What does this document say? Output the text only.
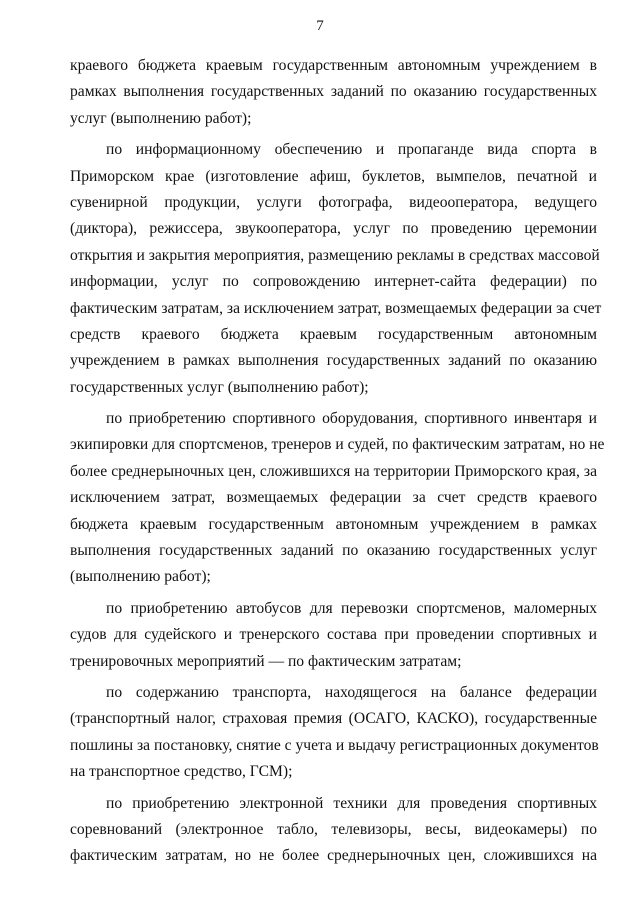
7
краевого бюджета краевым государственным автономным учреждением в
рамках выполнения государственных заданий по оказанию государственных
услуг (выполнению работ);
по информационному обеспечению и пропаганде вида спорта в
Приморском крае (изготовление афиш, буклетов, вымпелов, печатной и
сувенирной продукции, услуги фотографа, видеооператора, ведущего
(диктора), режиссера, звукооператора, услуг по проведению церемонии
открытия и закрытия мероприятия, размещению рекламы в средствах массовой
информации, услуг по сопровождению интернет-сайта федерации) по
фактическим затратам, за исключением затрат, возмещаемых федерации за счет
средств краевого бюджета краевым государственным автономным
учреждением в рамках выполнения государственных заданий по оказанию
государственных услуг (выполнению работ);
по приобретению спортивного оборудования, спортивного инвентаря и
экипировки для спортсменов, тренеров и судей, по фактическим затратам, но не
более среднерыночных цен, сложившихся на территории Приморского края, за
исключением затрат, возмещаемых федерации за счет средств краевого
бюджета краевым государственным автономным учреждением в рамках
выполнения государственных заданий по оказанию государственных услуг
(выполнению работ);
по приобретению автобусов для перевозки спортсменов, маломерных
судов для судейского и тренерского состава при проведении спортивных и
тренировочных мероприятий — по фактическим затратам;
по содержанию транспорта, находящегося на балансе федерации
(транспортный налог, страховая премия (ОСАГО, КАСКО), государственные
пошлины за постановку, снятие с учета и выдачу регистрационных документов
на транспортное средство, ГСМ);
по приобретению электронной техники для проведения спортивных
соревнований (электронное табло, телевизоры, весы, видеокамеры) по
фактическим затратам, но не более среднерыночных цен, сложившихся на
